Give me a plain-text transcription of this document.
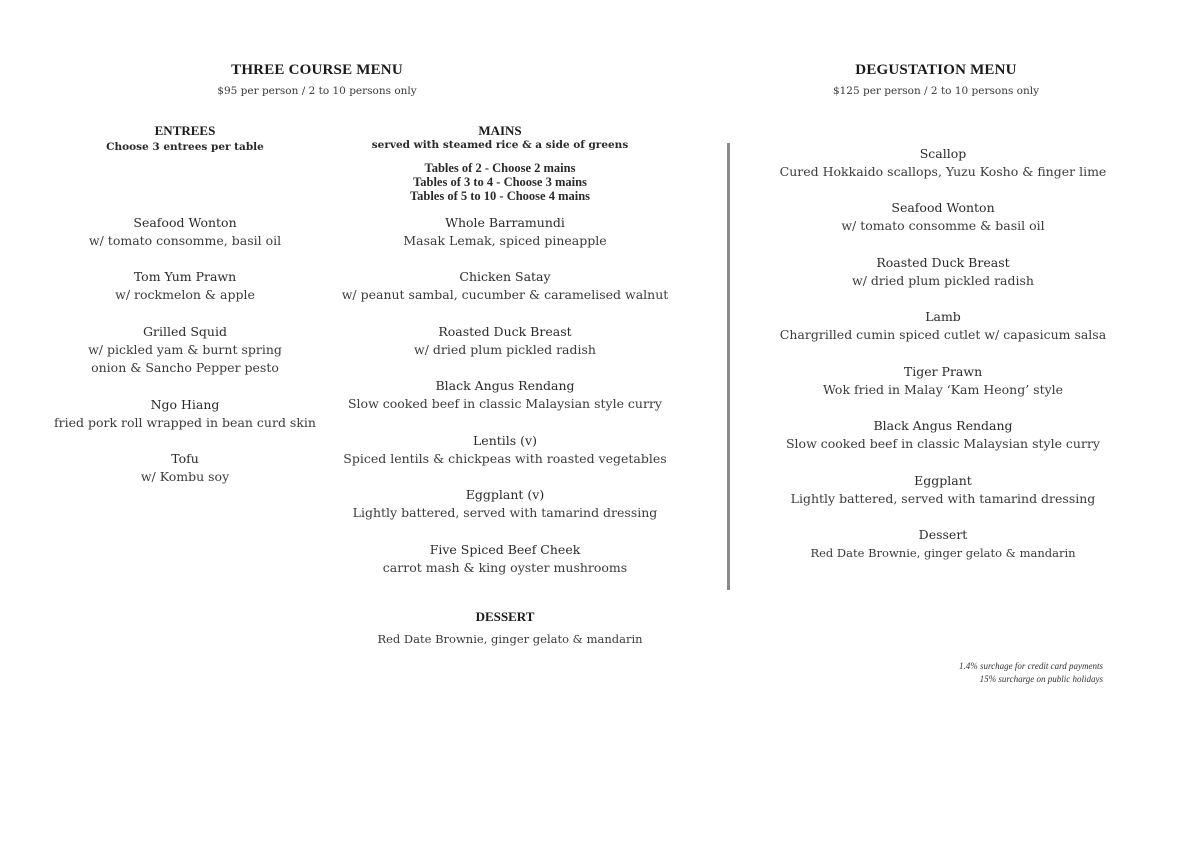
THREE COURSE MENU
$95 per person / 2 to 10 persons only
ENTREES
Choose 3 entrees per table
Seafood Wonton
w/ tomato consomme, basil oil
Tom Yum Prawn
w/ rockmelon & apple
Grilled Squid
w/ pickled yam & burnt spring onion & Sancho Pepper pesto
Ngo Hiang
fried pork roll wrapped in bean curd skin
Tofu
w/ Kombu soy
MAINS
served with steamed rice & a side of greens
Tables of 2 - Choose 2 mains
Tables of 3 to 4 - Choose 3 mains
Tables of 5 to 10 - Choose 4 mains
Whole Barramundi
Masak Lemak, spiced pineapple
Chicken Satay
w/ peanut sambal, cucumber & caramelised walnut
Roasted Duck Breast
w/ dried plum pickled radish
Black Angus Rendang
Slow cooked beef in classic Malaysian style curry
Lentils (v)
Spiced lentils & chickpeas with roasted vegetables
Eggplant (v)
Lightly battered, served with tamarind dressing
Five Spiced Beef Cheek
carrot mash & king oyster mushrooms
DESSERT
Red Date Brownie, ginger gelato & mandarin
DEGUSTATION MENU
$125 per person / 2 to 10 persons only
Scallop
Cured Hokkaido scallops, Yuzu Kosho & finger lime
Seafood Wonton
w/ tomato consomme & basil oil
Roasted Duck Breast
w/ dried plum pickled radish
Lamb
Chargrilled cumin spiced cutlet w/ capasicum salsa
Tiger Prawn
Wok fried in Malay ‘Kam Heong’ style
Black Angus Rendang
Slow cooked beef in classic Malaysian style curry
Eggplant
Lightly battered, served with tamarind dressing
Dessert
Red Date Brownie, ginger gelato & mandarin
1.4% surchage for credit card payments
15% surcharge on public holidays
